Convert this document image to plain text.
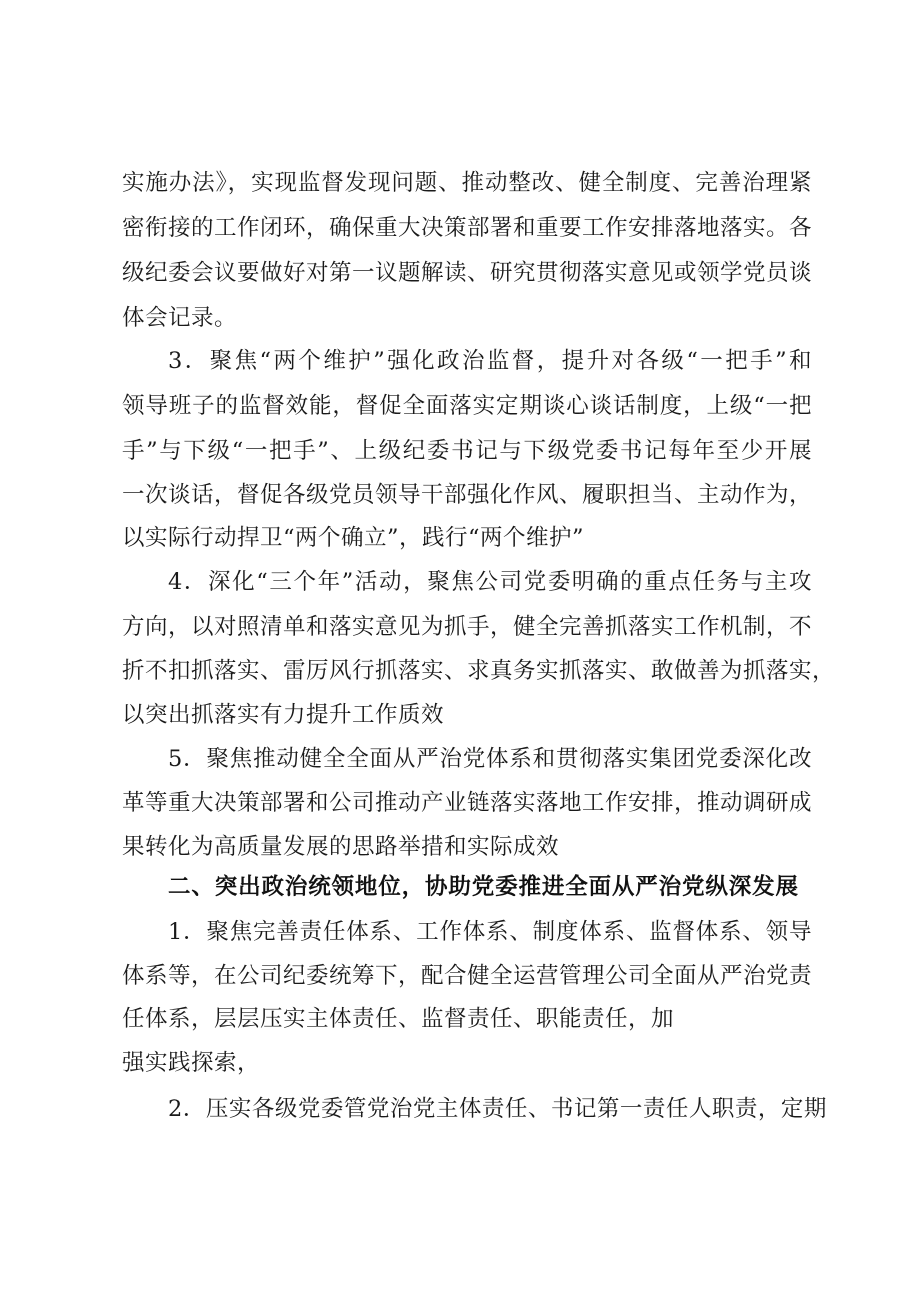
实施办法》，实现监督发现问题、推动整改、健全制度、完善治理紧
密衔接的工作闭环，确保重大决策部署和重要工作安排落地落实。各
级纪委会议要做好对第一议题解读、研究贯彻落实意见或领学党员谈
体会记录。
3．聚焦“两个维护”强化政治监督，提升对各级“一把手”和
领导班子的监督效能，督促全面落实定期谈心谈话制度，上级“一把
手”与下级“一把手”、上级纪委书记与下级党委书记每年至少开展
一次谈话，督促各级党员领导干部强化作风、履职担当、主动作为，
以实际行动捍卫“两个确立”，践行“两个维护”
4．深化“三个年”活动，聚焦公司党委明确的重点任务与主攻
方向，以对照清单和落实意见为抓手，健全完善抓落实工作机制，不
折不扣抓落实、雷厉风行抓落实、求真务实抓落实、敢做善为抓落实，
以突出抓落实有力提升工作质效
5．聚焦推动健全全面从严治党体系和贯彻落实集团党委深化改
革等重大决策部署和公司推动产业链落实落地工作安排，推动调研成
果转化为高质量发展的思路举措和实际成效
二、突出政治统领地位，协助党委推进全面从严治党纵深发展
1．聚焦完善责任体系、工作体系、制度体系、监督体系、领导
体系等，在公司纪委统筹下，配合健全运营管理公司全面从严治党责
任体系，层层压实主体责任、监督责任、职能责任，加
强实践探索，
2．压实各级党委管党治党主体责任、书记第一责任人职责，定期
